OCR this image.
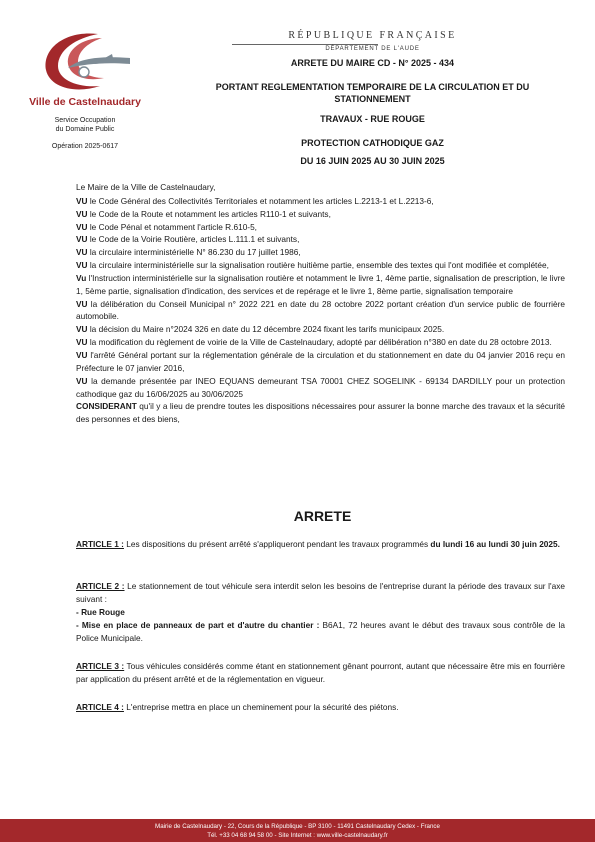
Ville de Castelnaudary
Service Occupation
du Domaine Public
Opération 2025-0617
RÉPUBLIQUE FRANÇAISE
DÉPARTEMENT DE L'AUDE
ARRETE DU MAIRE CD - N° 2025 - 434
PORTANT REGLEMENTATION TEMPORAIRE DE LA CIRCULATION ET DU
STATIONNEMENT
TRAVAUX - RUE ROUGE
PROTECTION CATHODIQUE GAZ
DU 16 JUIN 2025 AU 30 JUIN 2025
Le Maire de la Ville de Castelnaudary,
VU le Code Général des Collectivités Territoriales et notamment les articles L.2213-1 et L.2213-6,
VU le Code de la Route et notamment les articles R110-1 et suivants,
VU le Code Pénal et notamment l'article R.610-5,
VU le Code de la Voirie Routière, articles L.111.1 et suivants,
VU la circulaire interministérielle N° 86.230 du 17 juillet 1986,
VU la circulaire interministérielle sur la signalisation routière huitième partie, ensemble des textes qui l'ont modifiée et complétée,
Vu l'Instruction interministérielle sur la signalisation routière et notamment le livre 1, 4ème partie, signalisation de prescription, le livre 1, 5ème partie, signalisation d'indication, des services et de repérage et le livre 1, 8ème partie, signalisation temporaire
VU la délibération du Conseil Municipal n° 2022 221 en date du 28 octobre 2022 portant création d'un service public de fourrière automobile.
VU la décision du Maire n°2024 326 en date du 12 décembre 2024 fixant les tarifs municipaux 2025.
VU la modification du règlement de voirie de la Ville de Castelnaudary, adopté par délibération n°380 en date du 28 octobre 2013.
VU l'arrêté Général portant sur la réglementation générale de la circulation et du stationnement en date du 04 janvier 2016 reçu en Préfecture le 07 janvier 2016,
VU la demande présentée par INEO EQUANS demeurant TSA 70001 CHEZ SOGELINK - 69134 DARDILLY pour un protection cathodique gaz du 16/06/2025 au 30/06/2025
CONSIDERANT qu'il y a lieu de prendre toutes les dispositions nécessaires pour assurer la bonne marche des travaux et la sécurité des personnes et des biens,
ARRETE
ARTICLE 1 : Les dispositions du présent arrêté s'appliqueront pendant les travaux programmés du lundi 16 au lundi 30 juin 2025.
ARTICLE 2 : Le stationnement de tout véhicule sera interdit selon les besoins de l'entreprise durant la période des travaux sur l'axe suivant :
- Rue Rouge
- Mise en place de panneaux de part et d'autre du chantier : B6A1, 72 heures avant le début des travaux sous contrôle de la Police Municipale.
ARTICLE 3 : Tous véhicules considérés comme étant en stationnement gênant pourront, autant que nécessaire être mis en fourrière par application du présent arrêté et de la réglementation en vigueur.
ARTICLE 4 : L'entreprise mettra en place un cheminement pour la sécurité des piétons.
Mairie de Castelnaudary - 22, Cours de la République - BP 3100 - 11491 Castelnaudary Cedex - France
Tél. +33 04 68 94 58 00 - Site Internet : www.ville-castelnaudary.fr
